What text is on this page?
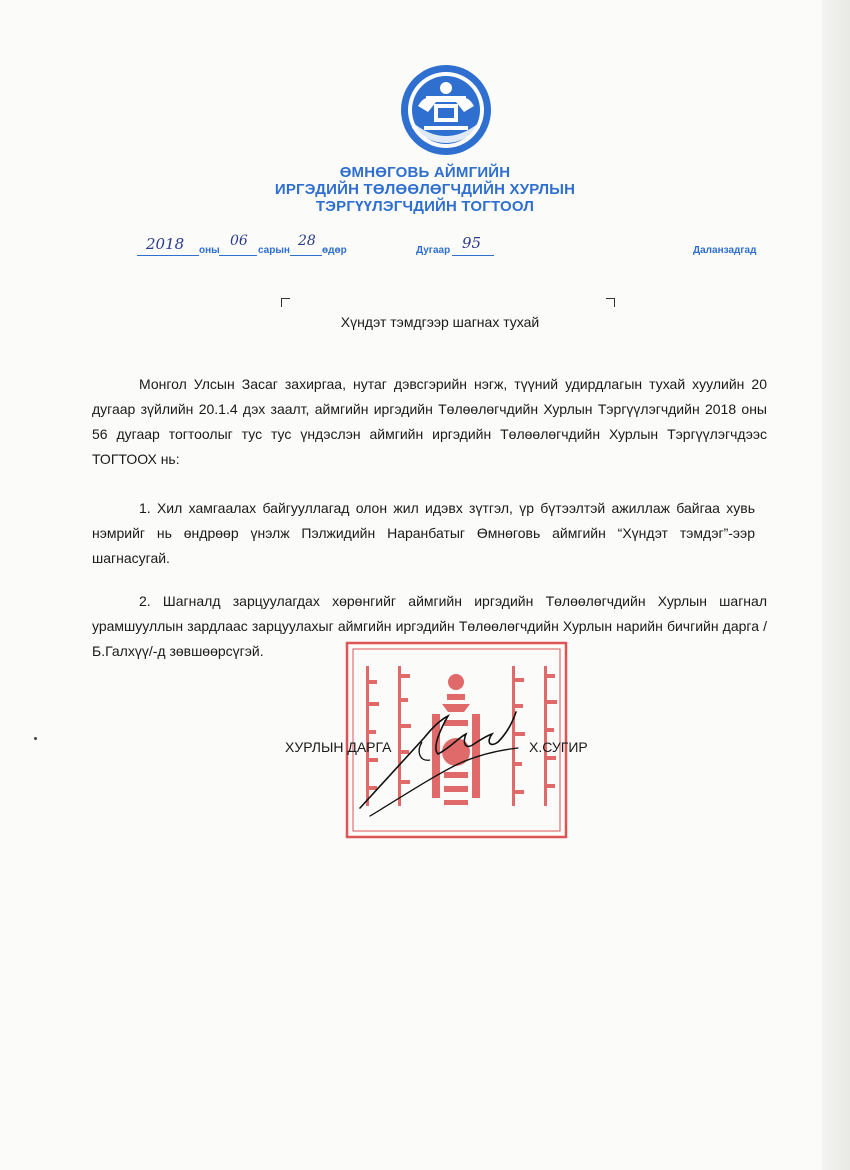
ӨМНӨГОВЬ АЙМГИЙН
ИРГЭДИЙН ТӨЛӨӨЛӨГЧДИЙН ХУРЛЫН
ТЭРГҮҮЛЭГЧДИЙН ТОГТООЛ
2018 оны
06
сарын
28
өдөр	Дугаар 95	Даланзадгад
Хүндэт тэмдгээр шагнах тухай

Монгол Улсын Засаг захиргаа, нутаг дэвсгэрийн нэгж, түүний удирдлагын тухай хуулийн 20 дугаар зүйлийн 20.1.4 дэх заалт, аймгийн иргэдийн Төлөөлөгчдийн Хурлын Тэргүүлэгчдийн 2018 оны 56 дугаар тогтоолыг тус тус үндэслэн аймгийн иргэдийн Төлөөлөгчдийн Хурлын Тэргүүлэгчдээс ТОГТООХ нь:

1. Хил хамгаалах байгууллагад олон жил идэвх зүтгэл, үр бүтээлтэй ажиллаж байгаа хувь нэмрийг нь өндрөөр үнэлж Пэлжидийн Наранбатыг Өмнөговь аймгийн “Хүндэт тэмдэг”-ээр шагнасугай.

2. Шагналд зарцуулагдах хөрөнгийг аймгийн иргэдийн Төлөөлөгчдийн Хурлын шагнал урамшууллын зардлаас зарцуулахыг аймгийн иргэдийн Төлөөлөгчдийн Хурлын нарийн бичгийн дарга /Б.Галхүү/-д зөвшөөрсүгэй.

ХУРЛЫН ДАРГА	Х.СУГИР
